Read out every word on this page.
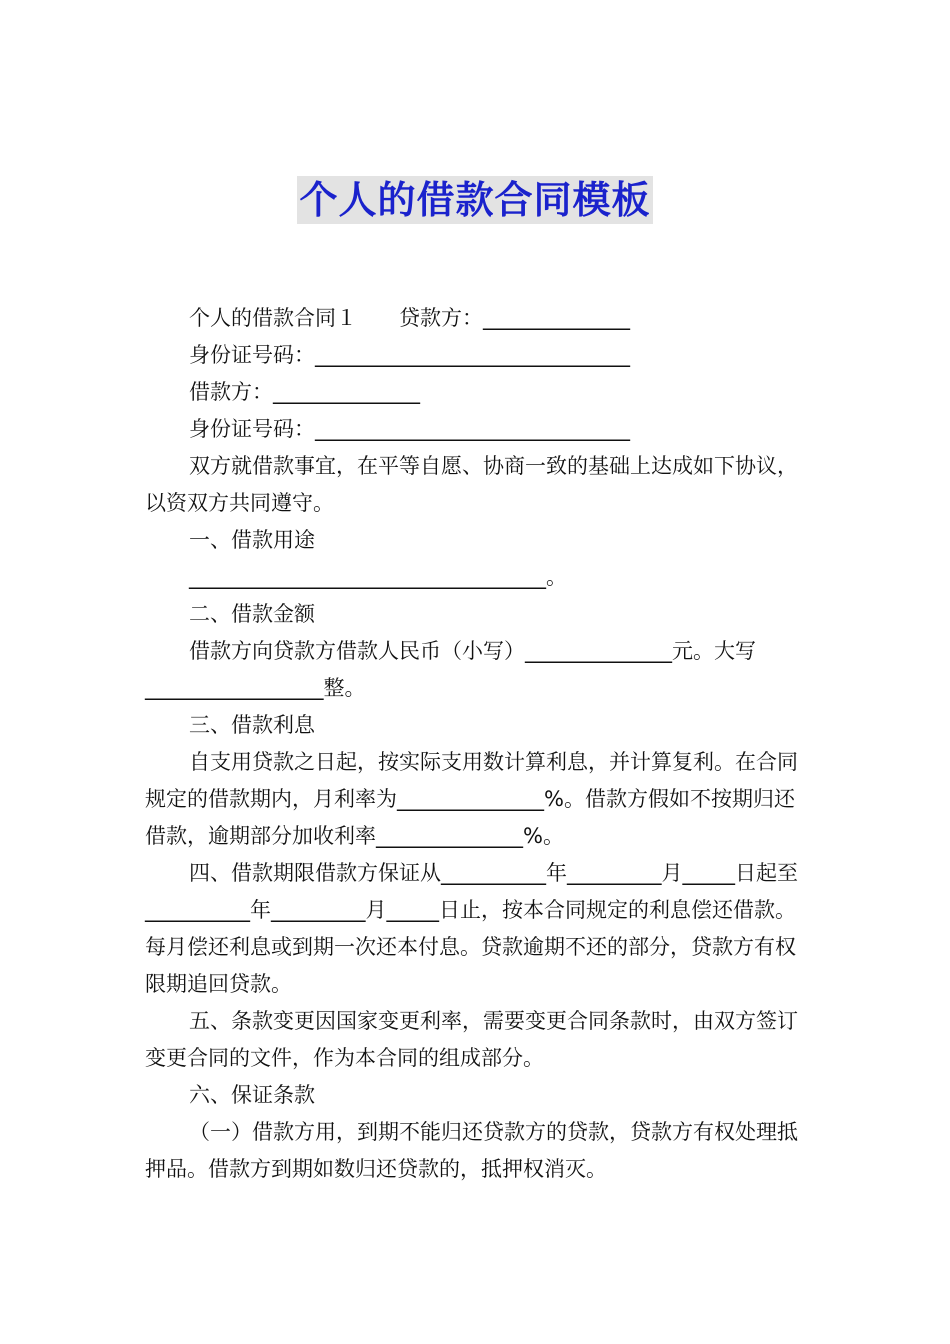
个人的借款合同模板

个人的借款合同１　　贷款方：______________

身份证号码：______________________________

借款方：______________

身份证号码：______________________________

双方就借款事宜，在平等自愿、协商一致的基础上达成如下协议，以资双方共同遵守。

一、借款用途

__________________________________。

二、借款金额

借款方向贷款方借款人民币（小写）______________元。大写_________________整。

三、借款利息

自支用贷款之日起，按实际支用数计算利息，并计算复利。在合同规定的借款期内，月利率为______________%。借款方假如不按期归还借款，逾期部分加收利率______________%。

四、借款期限借款方保证从__________年_________月_____日起至__________年_________月_____日止，按本合同规定的利息偿还借款。每月偿还利息或到期一次还本付息。贷款逾期不还的部分，贷款方有权限期追回贷款。

五、条款变更因国家变更利率，需要变更合同条款时，由双方签订变更合同的文件，作为本合同的组成部分。

六、保证条款

（一）借款方用，到期不能归还贷款方的贷款，贷款方有权处理抵押品。借款方到期如数归还贷款的，抵押权消灭。
